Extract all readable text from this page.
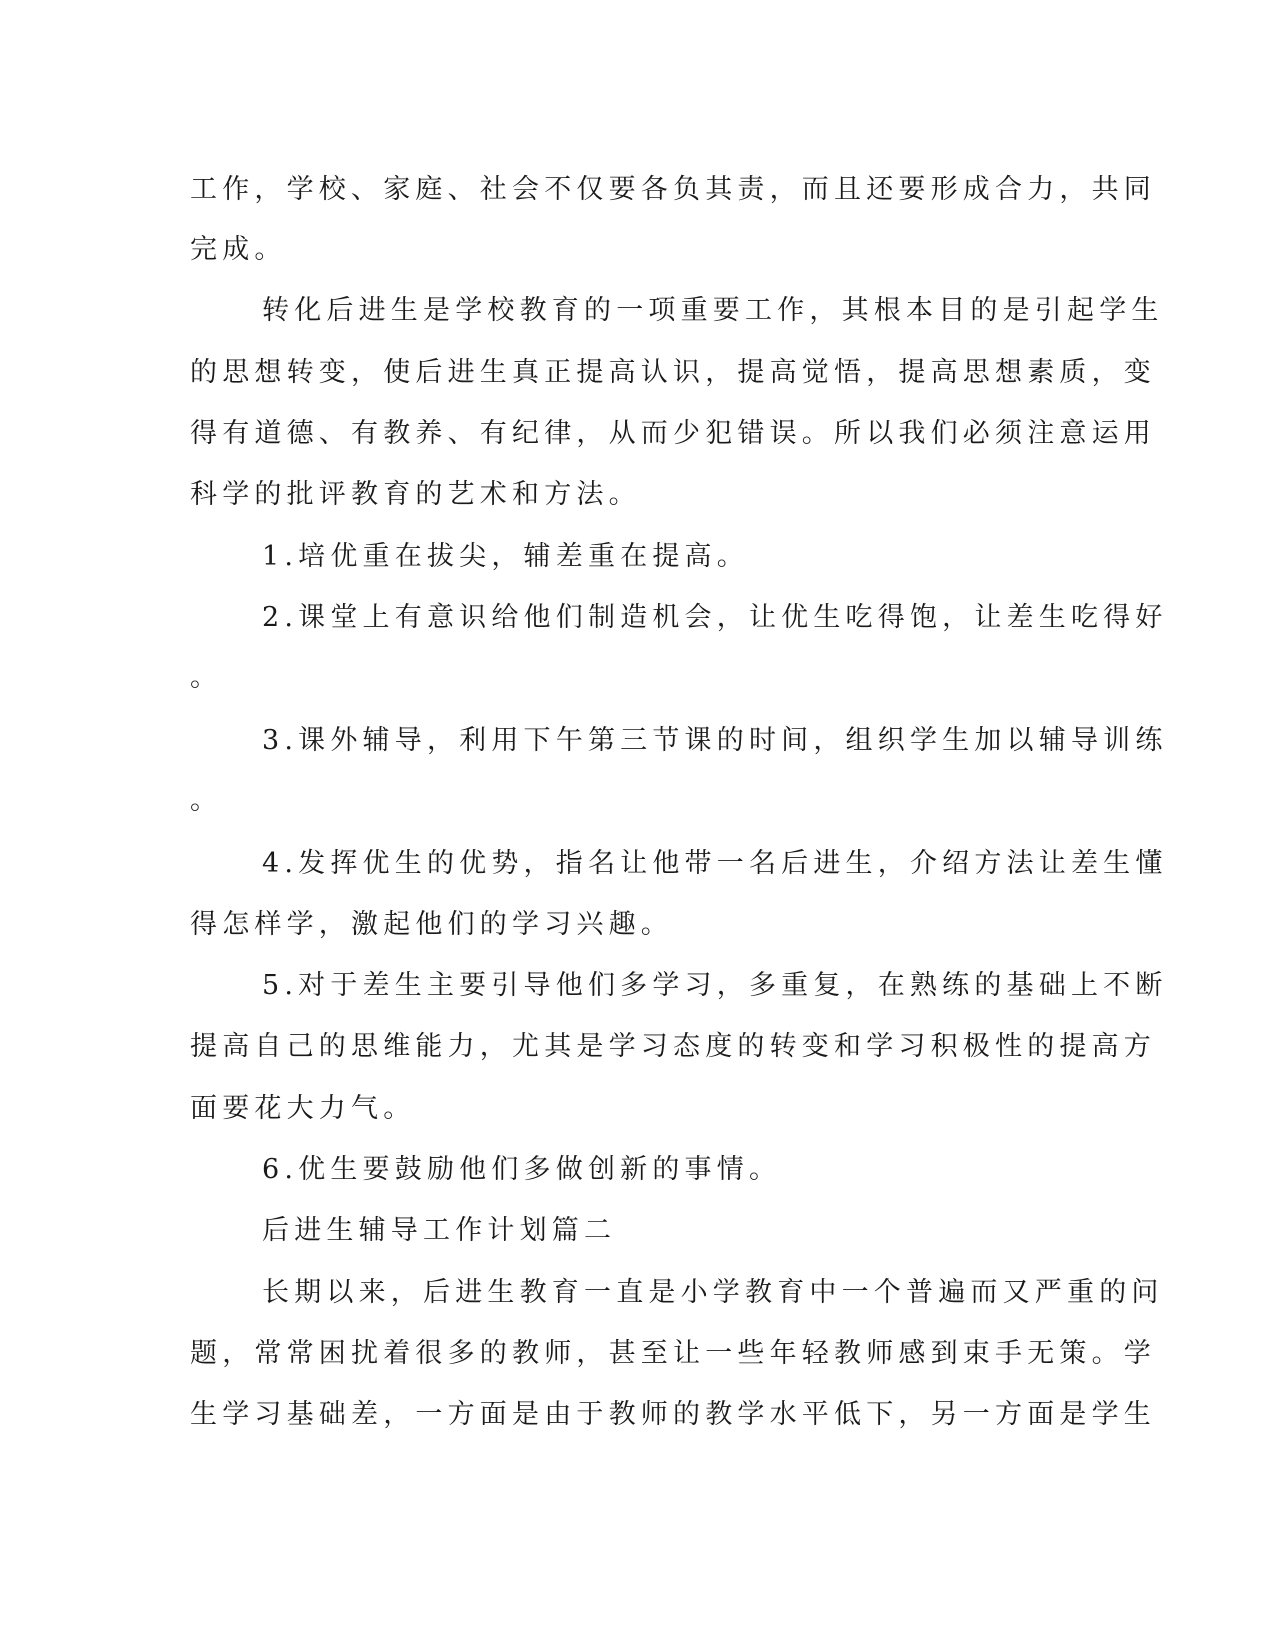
工作，学校、家庭、社会不仅要各负其责，而且还要形成合力，共同

完成。

转化后进生是学校教育的一项重要工作，其根本目的是引起学生

的思想转变，使后进生真正提高认识，提高觉悟，提高思想素质，变

得有道德、有教养、有纪律，从而少犯错误。所以我们必须注意运用

科学的批评教育的艺术和方法。

1.培优重在拔尖，辅差重在提高。

2.课堂上有意识给他们制造机会，让优生吃得饱，让差生吃得好

。

3.课外辅导，利用下午第三节课的时间，组织学生加以辅导训练

。

4.发挥优生的优势，指名让他带一名后进生，介绍方法让差生懂

得怎样学，激起他们的学习兴趣。

5.对于差生主要引导他们多学习，多重复，在熟练的基础上不断

提高自己的思维能力，尤其是学习态度的转变和学习积极性的提高方

面要花大力气。

6.优生要鼓励他们多做创新的事情。

后进生辅导工作计划篇二

长期以来，后进生教育一直是小学教育中一个普遍而又严重的问

题，常常困扰着很多的教师，甚至让一些年轻教师感到束手无策。学

生学习基础差，一方面是由于教师的教学水平低下，另一方面是学生
